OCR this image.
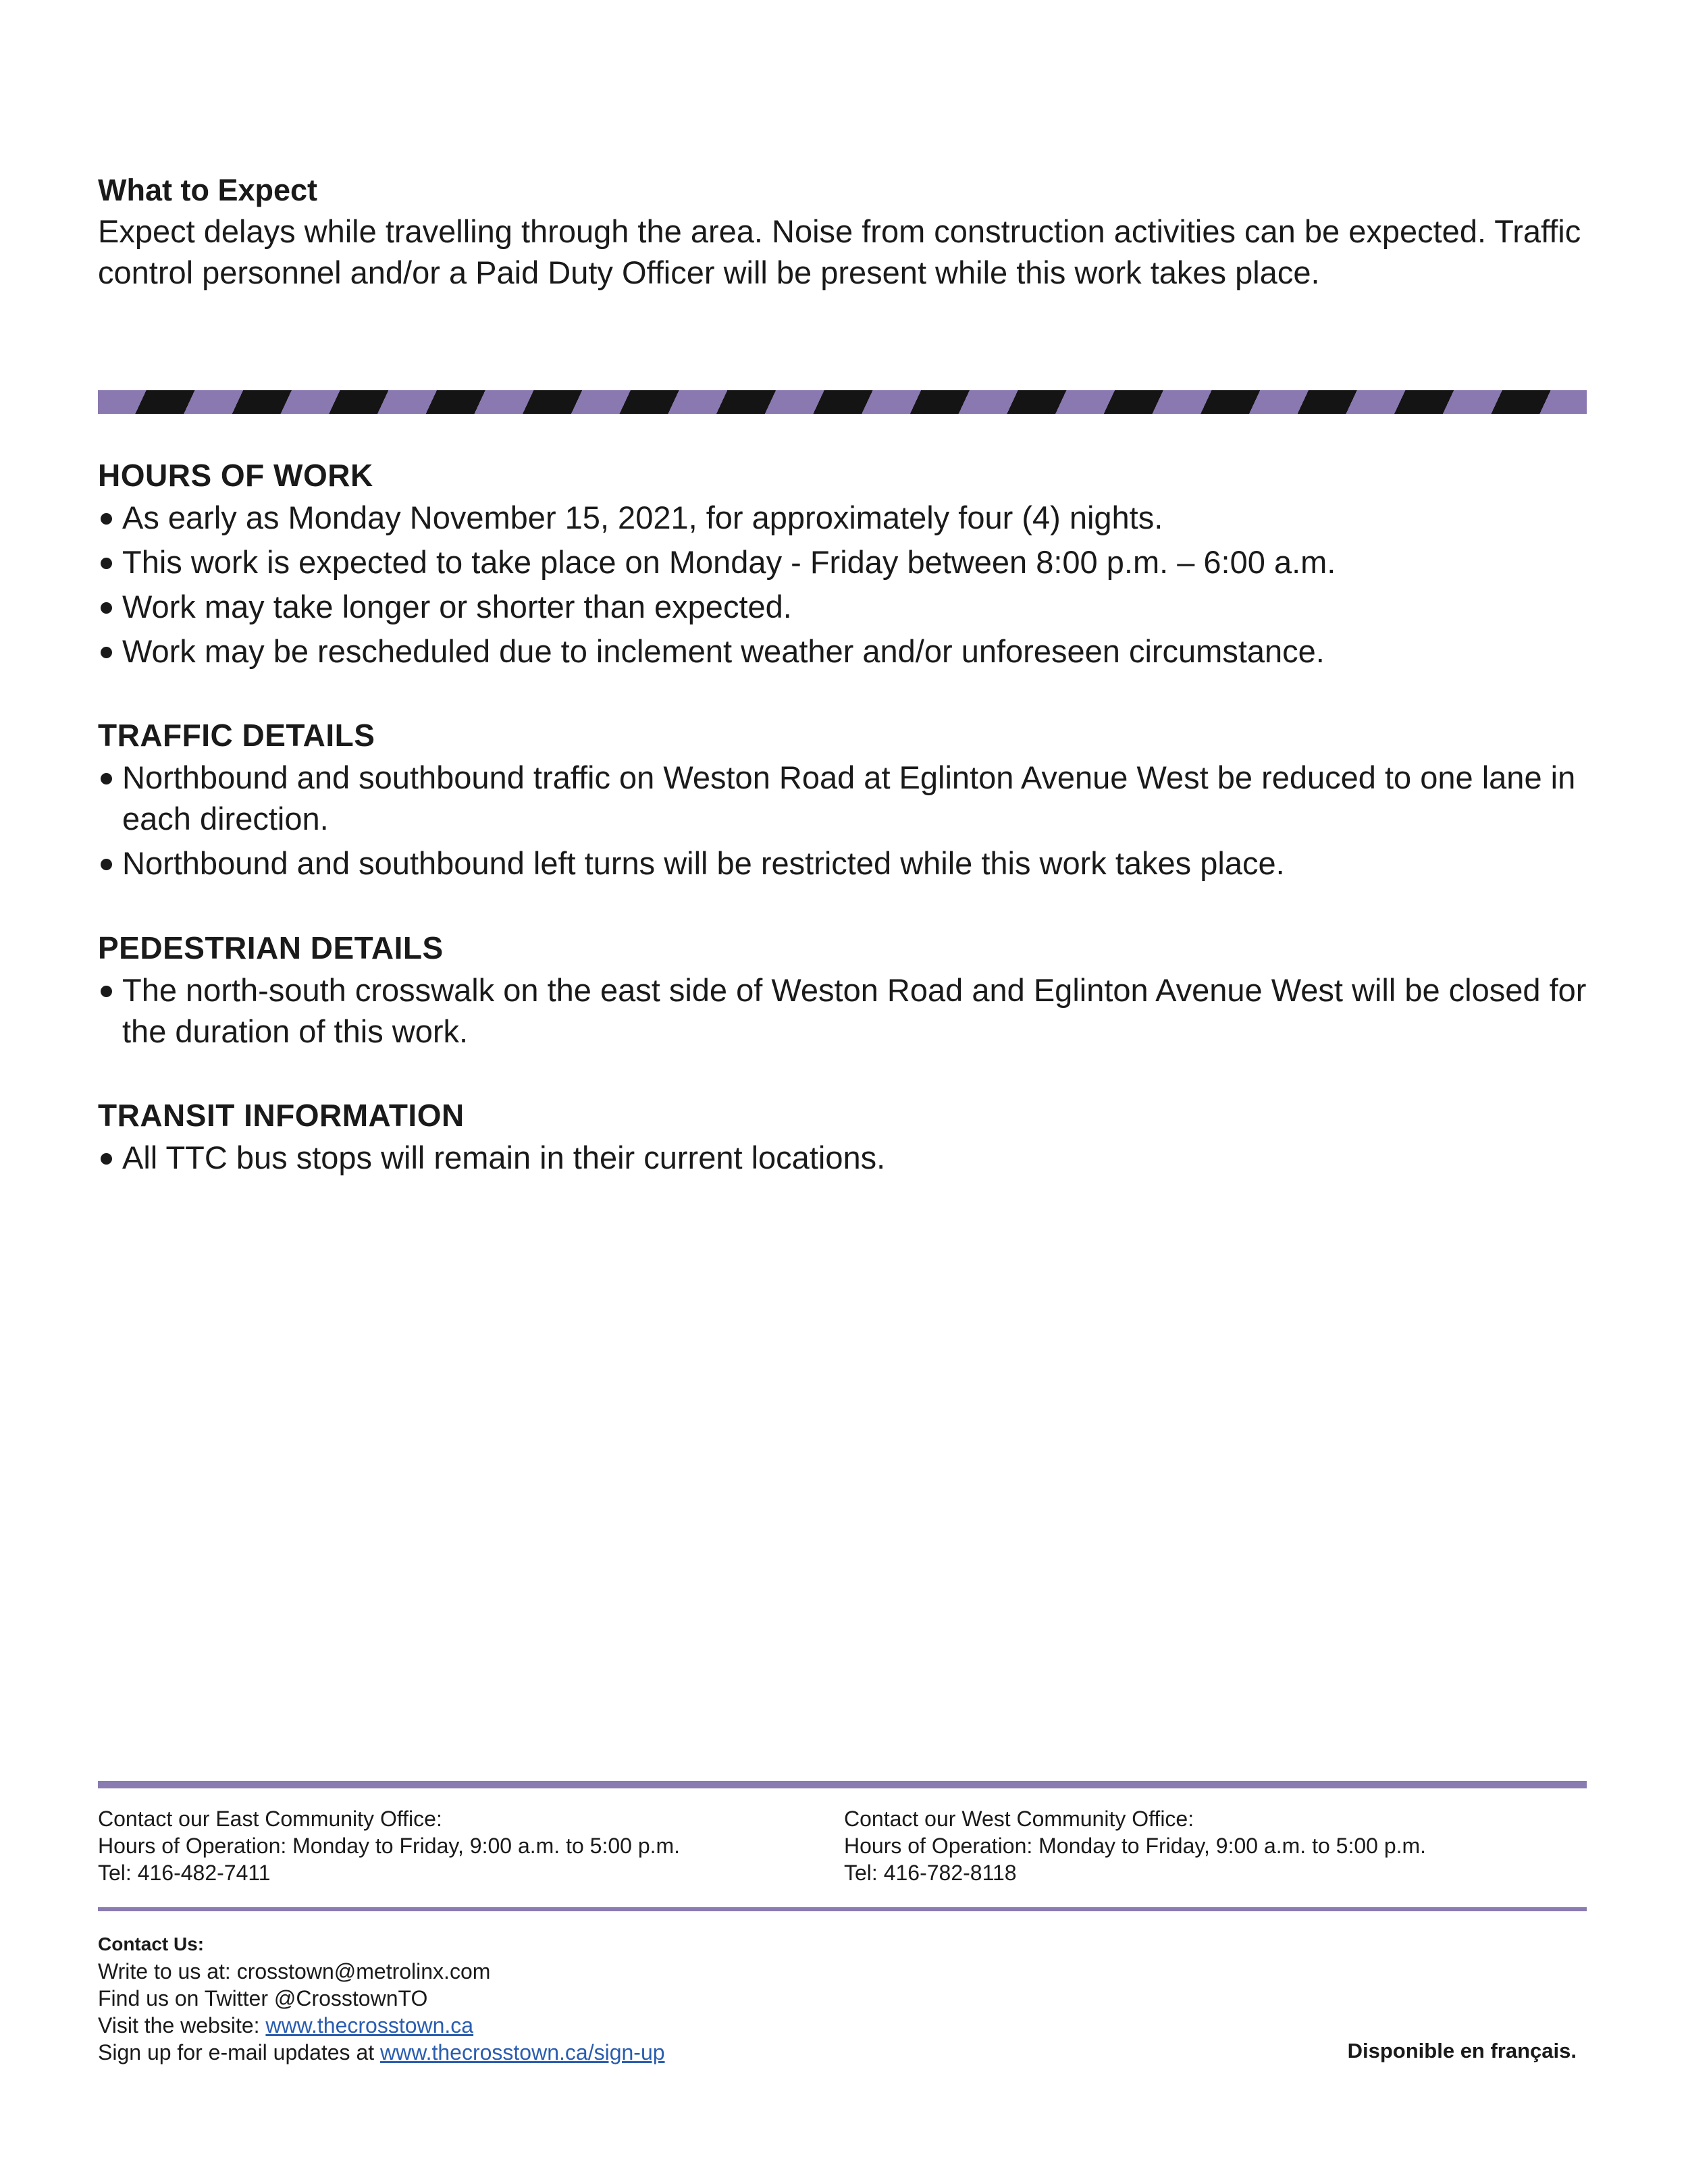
What to Expect
Expect delays while travelling through the area. Noise from construction activities can be expected. Traffic control personnel and/or a Paid Duty Officer will be present while this work takes place.
HOURS OF WORK
As early as Monday November 15, 2021, for approximately four (4) nights.
This work is expected to take place on Monday - Friday between 8:00 p.m. – 6:00 a.m.
Work may take longer or shorter than expected.
Work may be rescheduled due to inclement weather and/or unforeseen circumstance.
TRAFFIC DETAILS
Northbound and southbound traffic on Weston Road at Eglinton Avenue West be reduced to one lane in each direction.
Northbound and southbound left turns will be restricted while this work takes place.
PEDESTRIAN DETAILS
The north-south crosswalk on the east side of Weston Road and Eglinton Avenue West will be closed for the duration of this work.
TRANSIT INFORMATION
All TTC bus stops will remain in their current locations.
Contact our East Community Office:
Hours of Operation: Monday to Friday, 9:00 a.m. to 5:00 p.m.
Tel: 416-482-7411
Contact our West Community Office:
Hours of Operation: Monday to Friday, 9:00 a.m. to 5:00 p.m.
Tel: 416-782-8118
Contact Us:
Write to us at: crosstown@metrolinx.com
Find us on Twitter @CrosstownTO
Visit the website: www.thecrosstown.ca
Sign up for e-mail updates at www.thecrosstown.ca/sign-up	Disponible en français.
